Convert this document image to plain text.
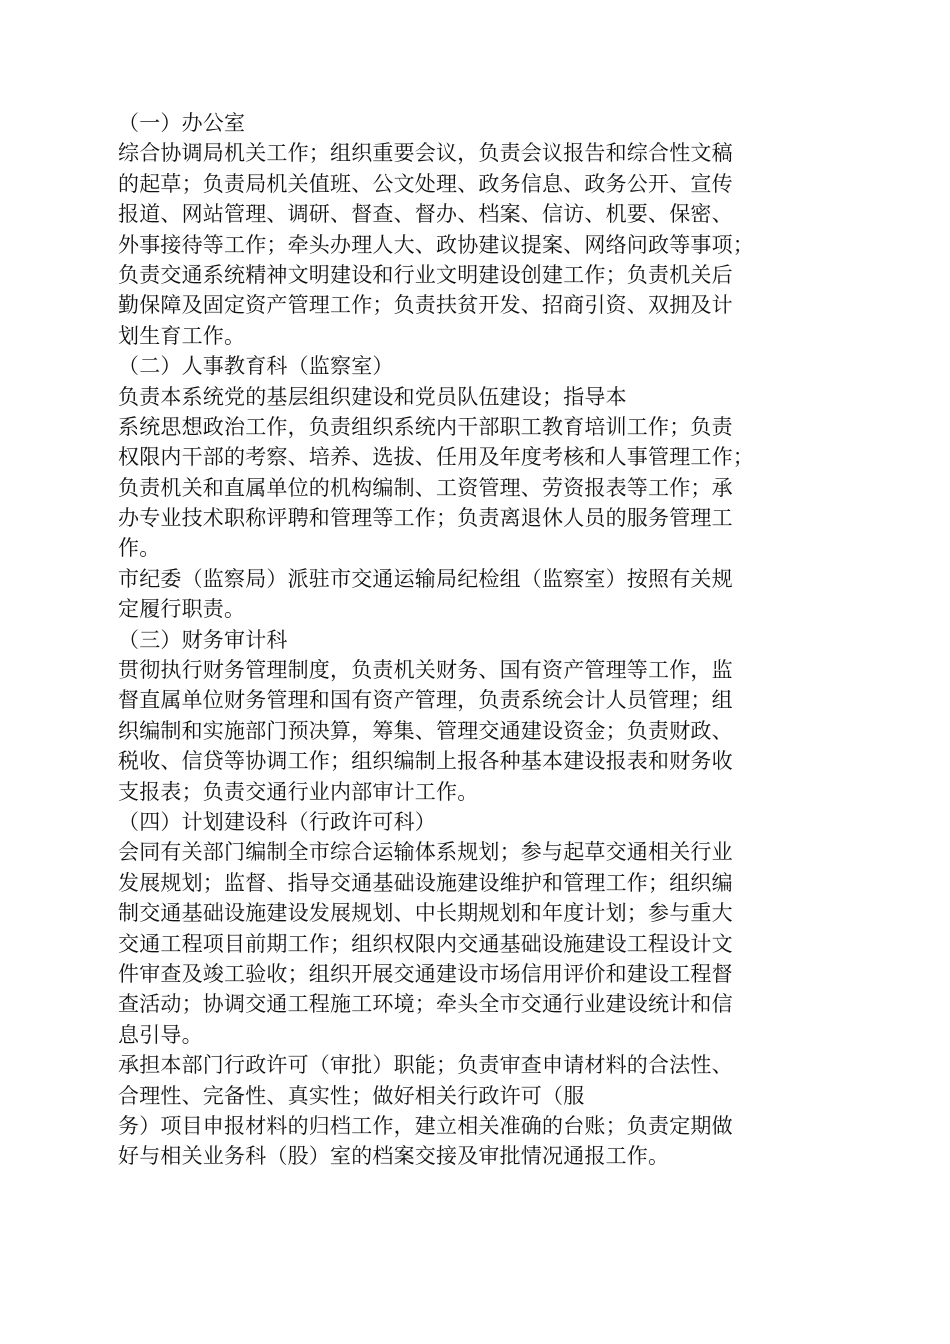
（一）办公室
综合协调局机关工作；组织重要会议，负责会议报告和综合性文稿
的起草；负责局机关值班、公文处理、政务信息、政务公开、宣传
报道、网站管理、调研、督查、督办、档案、信访、机要、保密、
外事接待等工作；牵头办理人大、政协建议提案、网络问政等事项；
负责交通系统精神文明建设和行业文明建设创建工作；负责机关后
勤保障及固定资产管理工作；负责扶贫开发、招商引资、双拥及计
划生育工作。
（二）人事教育科（监察室）
负责本系统党的基层组织建设和党员队伍建设；指导本
系统思想政治工作，负责组织系统内干部职工教育培训工作；负责
权限内干部的考察、培养、选拔、任用及年度考核和人事管理工作；
负责机关和直属单位的机构编制、工资管理、劳资报表等工作；承
办专业技术职称评聘和管理等工作；负责离退休人员的服务管理工
作。
市纪委（监察局）派驻市交通运输局纪检组（监察室）按照有关规
定履行职责。
（三）财务审计科
贯彻执行财务管理制度，负责机关财务、国有资产管理等工作，监
督直属单位财务管理和国有资产管理，负责系统会计人员管理；组
织编制和实施部门预决算，筹集、管理交通建设资金；负责财政、
税收、信贷等协调工作；组织编制上报各种基本建设报表和财务收
支报表；负责交通行业内部审计工作。
（四）计划建设科（行政许可科）
会同有关部门编制全市综合运输体系规划；参与起草交通相关行业
发展规划；监督、指导交通基础设施建设维护和管理工作；组织编
制交通基础设施建设发展规划、中长期规划和年度计划；参与重大
交通工程项目前期工作；组织权限内交通基础设施建设工程设计文
件审查及竣工验收；组织开展交通建设市场信用评价和建设工程督
查活动；协调交通工程施工环境；牵头全市交通行业建设统计和信
息引导。
承担本部门行政许可（审批）职能；负责审查申请材料的合法性、
合理性、完备性、真实性；做好相关行政许可（服
务）项目申报材料的归档工作，建立相关准确的台账；负责定期做
好与相关业务科（股）室的档案交接及审批情况通报工作。
